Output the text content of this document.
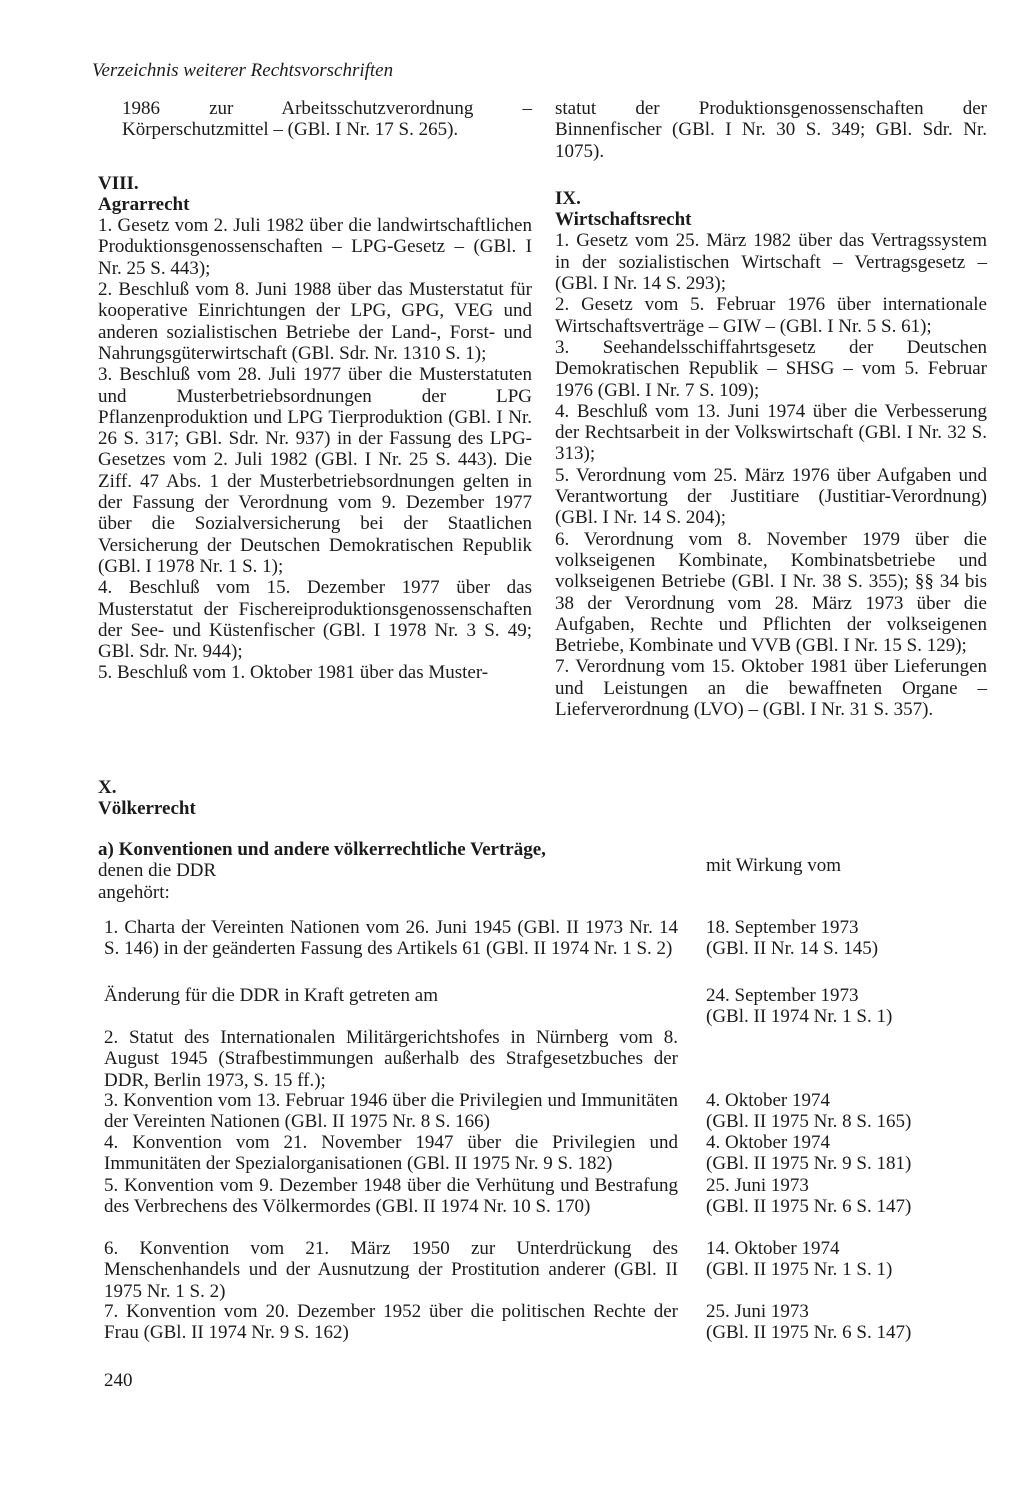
Verzeichnis weiterer Rechtsvorschriften

1986 zur Arbeitsschutzverordnung – Körperschutzmittel – (GBl. I Nr. 17 S. 265).

VIII.

Agrarrecht

1. Gesetz vom 2. Juli 1982 über die landwirtschaftlichen Produktionsgenossenschaften – LPG-Gesetz – (GBl. I Nr. 25 S. 443);
2. Beschluß vom 8. Juni 1988 über das Musterstatut für kooperative Einrichtungen der LPG, GPG, VEG und anderen sozialistischen Betriebe der Land-, Forst- und Nahrungsgüterwirtschaft (GBl. Sdr. Nr. 1310 S. 1);
3. Beschluß vom 28. Juli 1977 über die Musterstatuten und Musterbetriebsordnungen der LPG Pflanzenproduktion und LPG Tierproduktion (GBl. I Nr. 26 S. 317; GBl. Sdr. Nr. 937) in der Fassung des LPG-Gesetzes vom 2. Juli 1982 (GBl. I Nr. 25 S. 443). Die Ziff. 47 Abs. 1 der Musterbetriebsordnungen gelten in der Fassung der Verordnung vom 9. Dezember 1977 über die Sozialversicherung bei der Staatlichen Versicherung der Deutschen Demokratischen Republik (GBl. I 1978 Nr. 1 S. 1);
4. Beschluß vom 15. Dezember 1977 über das Musterstatut der Fischereiproduktionsgenossenschaften der See- und Küstenfischer (GBl. I 1978 Nr. 3 S. 49; GBl. Sdr. Nr. 944);
5. Beschluß vom 1. Oktober 1981 über das Muster-

statut der Produktionsgenossenschaften der Binnenfischer (GBl. I Nr. 30 S. 349; GBl. Sdr. Nr. 1075).

IX.

Wirtschaftsrecht

1. Gesetz vom 25. März 1982 über das Vertragssystem in der sozialistischen Wirtschaft – Vertragsgesetz – (GBl. I Nr. 14 S. 293);
2. Gesetz vom 5. Februar 1976 über internationale Wirtschaftsverträge – GIW – (GBl. I Nr. 5 S. 61);
3. Seehandelsschiffahrtsgesetz der Deutschen Demokratischen Republik – SHSG – vom 5. Februar 1976 (GBl. I Nr. 7 S. 109);
4. Beschluß vom 13. Juni 1974 über die Verbesserung der Rechtsarbeit in der Volkswirtschaft (GBl. I Nr. 32 S. 313);
5. Verordnung vom 25. März 1976 über Aufgaben und Verantwortung der Justitiare (Justitiar-Verordnung) (GBl. I Nr. 14 S. 204);
6. Verordnung vom 8. November 1979 über die volkseigenen Kombinate, Kombinatsbetriebe und volkseigenen Betriebe (GBl. I Nr. 38 S. 355); §§ 34 bis 38 der Verordnung vom 28. März 1973 über die Aufgaben, Rechte und Pflichten der volkseigenen Betriebe, Kombinate und VVB (GBl. I Nr. 15 S. 129);
7. Verordnung vom 15. Oktober 1981 über Lieferungen und Leistungen an die bewaffneten Organe – Lieferverordnung (LVO) – (GBl. I Nr. 31 S. 357).
X.
Völkerrecht
a) Konventionen und andere völkerrechtliche Verträge,
denen die DDR
angehört:
mit Wirkung vom
1. Charta der Vereinten Nationen vom 26. Juni 1945 (GBl. II 1973 Nr. 14 S. 146) in der geänderten Fassung des Artikels 61 (GBl. II 1974 Nr. 1 S. 2)
18. September 1973
(GBl. II Nr. 14 S. 145)
Änderung für die DDR in Kraft getreten am	24. September 1973
(GBl. II 1974 Nr. 1 S. 1)
2. Statut des Internationalen Militärgerichtshofes in Nürnberg vom 8. August 1945 (Strafbestimmungen außerhalb des Strafgesetzbuches der DDR, Berlin 1973, S. 15 ff.);
3. Konvention vom 13. Februar 1946 über die Privilegien und Immunitäten der Vereinten Nationen (GBl. II 1975 Nr. 8 S. 166)
4. Oktober 1974
(GBl. II 1975 Nr. 8 S. 165)
4. Konvention vom 21. November 1947 über die Privilegien und Immunitäten der Spezialorganisationen (GBl. II 1975 Nr. 9 S. 182)
4. Oktober 1974
(GBl. II 1975 Nr. 9 S. 181)
5. Konvention vom 9. Dezember 1948 über die Verhütung und Bestrafung des Verbrechens des Völkermordes (GBl. II 1974 Nr. 10 S. 170)
25. Juni 1973
(GBl. II 1975 Nr. 6 S. 147)
6. Konvention vom 21. März 1950 zur Unterdrückung des Menschenhandels und der Ausnutzung der Prostitution anderer (GBl. II 1975 Nr. 1 S. 2)
14. Oktober 1974
(GBl. II 1975 Nr. 1 S. 1)
7. Konvention vom 20. Dezember 1952 über die politischen Rechte der Frau (GBl. II 1974 Nr. 9 S. 162)
25. Juni 1973
(GBl. II 1975 Nr. 6 S. 147)
240
